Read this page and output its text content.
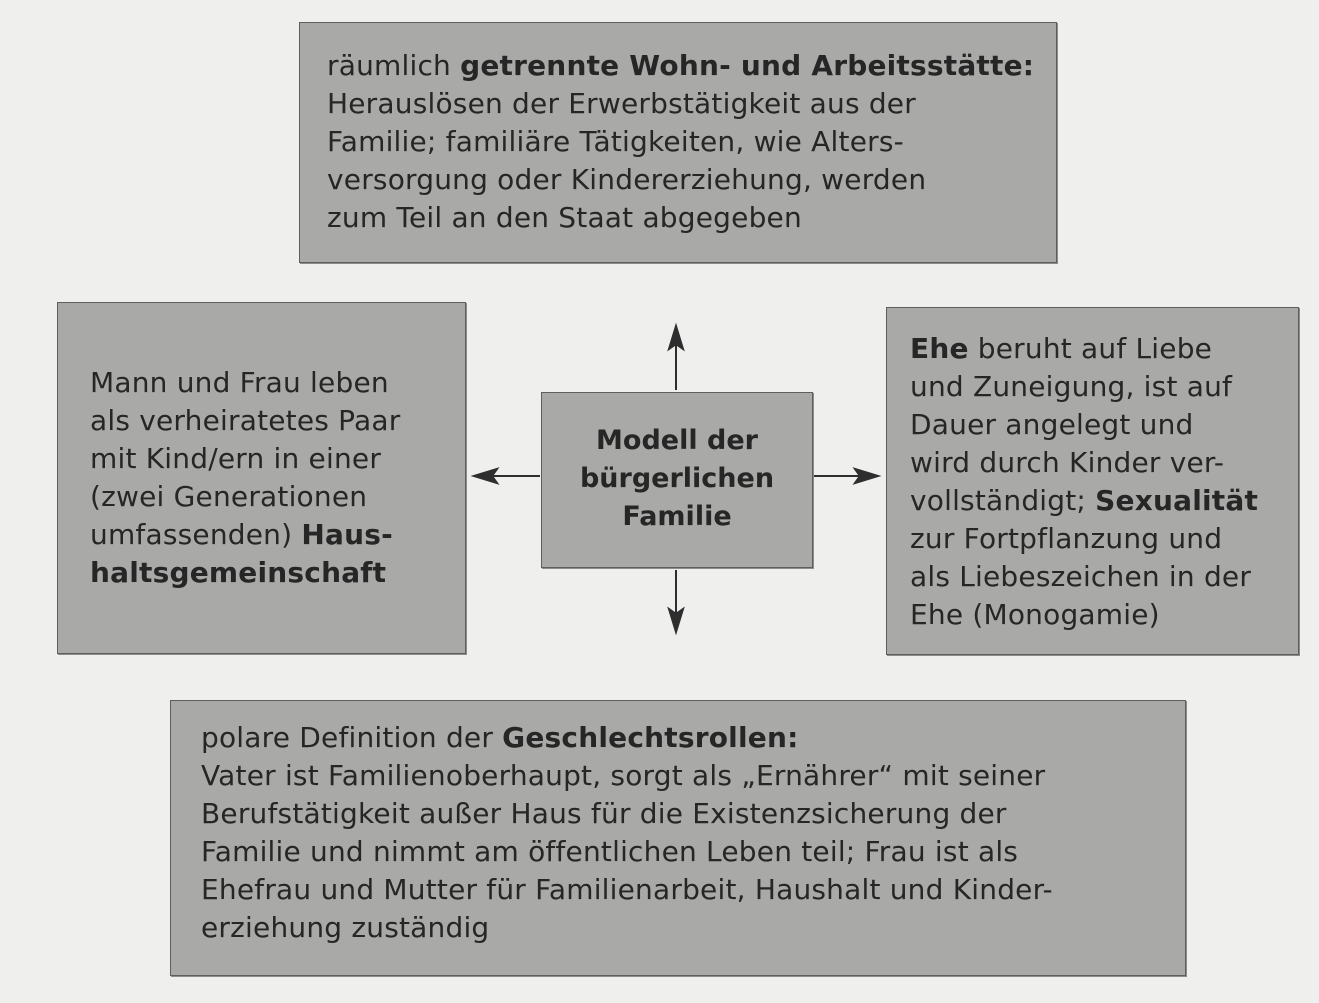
Modell der
bürgerlichen
Familie
räumlich getrennte Wohn- und Arbeitsstätte:
Herauslösen der Erwerbstätigkeit aus der
Familie; familiäre Tätigkeiten, wie Alters-
versorgung oder Kindererziehung, werden
zum Teil an den Staat abgegeben
Mann und Frau leben
als verheiratetes Paar
mit Kind/ern in einer
(zwei Generationen
umfassenden) Haus-
haltsgemeinschaft
Ehe beruht auf Liebe
und Zuneigung, ist auf
Dauer angelegt und
wird durch Kinder ver-
vollständigt; Sexualität
zur Fortpflanzung und
als Liebeszeichen in der
Ehe (Monogamie)
polare Definition der Geschlechtsrollen:
Vater ist Familienoberhaupt, sorgt als „Ernährer“ mit seiner
Berufstätigkeit außer Haus für die Existenzsicherung der
Familie und nimmt am öffentlichen Leben teil; Frau ist als
Ehefrau und Mutter für Familienarbeit, Haushalt und Kinder-
erziehung zuständig
